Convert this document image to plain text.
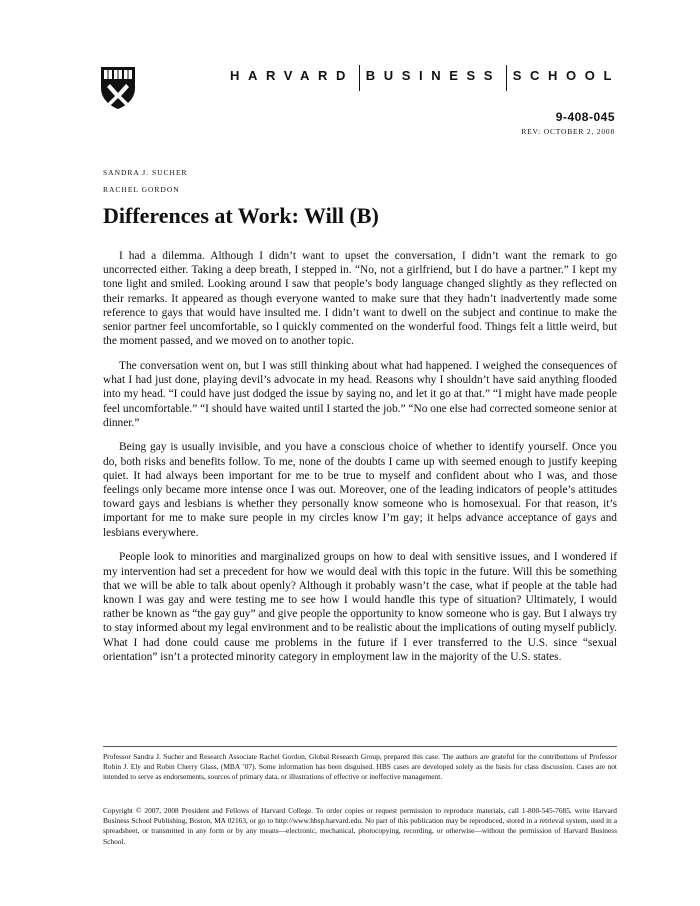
HARVARD BUSINESS SCHOOL
9-408-045
REV: OCTOBER 2, 2008
SANDRA J. SUCHER
RACHEL GORDON
Differences at Work: Will (B)

I had a dilemma. Although I didn’t want to upset the conversation, I didn’t want the remark to go uncorrected either. Taking a deep breath, I stepped in. “No, not a girlfriend, but I do have a partner.” I kept my tone light and smiled. Looking around I saw that people’s body language changed slightly as they reflected on their remarks. It appeared as though everyone wanted to make sure that they hadn’t inadvertently made some reference to gays that would have insulted me. I didn’t want to dwell on the subject and continue to make the senior partner feel uncomfortable, so I quickly commented on the wonderful food. Things felt a little weird, but the moment passed, and we moved on to another topic.

The conversation went on, but I was still thinking about what had happened. I weighed the consequences of what I had just done, playing devil’s advocate in my head. Reasons why I shouldn’t have said anything flooded into my head. “I could have just dodged the issue by saying no, and let it go at that.” “I might have made people feel uncomfortable.” “I should have waited until I started the job.” “No one else had corrected someone senior at dinner.”

Being gay is usually invisible, and you have a conscious choice of whether to identify yourself. Once you do, both risks and benefits follow. To me, none of the doubts I came up with seemed enough to justify keeping quiet. It had always been important for me to be true to myself and confident about who I was, and those feelings only became more intense once I was out. Moreover, one of the leading indicators of people’s attitudes toward gays and lesbians is whether they personally know someone who is homosexual. For that reason, it’s important for me to make sure people in my circles know I’m gay; it helps advance acceptance of gays and lesbians everywhere.

People look to minorities and marginalized groups on how to deal with sensitive issues, and I wondered if my intervention had set a precedent for how we would deal with this topic in the future. Will this be something that we will be able to talk about openly? Although it probably wasn’t the case, what if people at the table had known I was gay and were testing me to see how I would handle this type of situation? Ultimately, I would rather be known as “the gay guy” and give people the opportunity to know someone who is gay. But I always try to stay informed about my legal environment and to be realistic about the implications of outing myself publicly. What I had done could cause me problems in the future if I ever transferred to the U.S. since “sexual orientation” isn’t a protected minority category in employment law in the majority of the U.S. states.

Professor Sandra J. Sucher and Research Associate Rachel Gordon, Global Research Group, prepared this case. The authors are grateful for the contributions of Professor Robin J. Ely and Robin Cherry Glass, (MBA ’07). Some information has been disguised. HBS cases are developed solely as the basis for class discussion. Cases are not intended to serve as endorsements, sources of primary data, or illustrations of effective or ineffective management.

Copyright © 2007, 2008 President and Fellows of Harvard College. To order copies or request permission to reproduce materials, call 1-800-545-7685, write Harvard Business School Publishing, Boston, MA 02163, or go to http://www.hbsp.harvard.edu. No part of this publication may be reproduced, stored in a retrieval system, used in a spreadsheet, or transmitted in any form or by any means—electronic, mechanical, photocopying, recording, or otherwise—without the permission of Harvard Business School.
